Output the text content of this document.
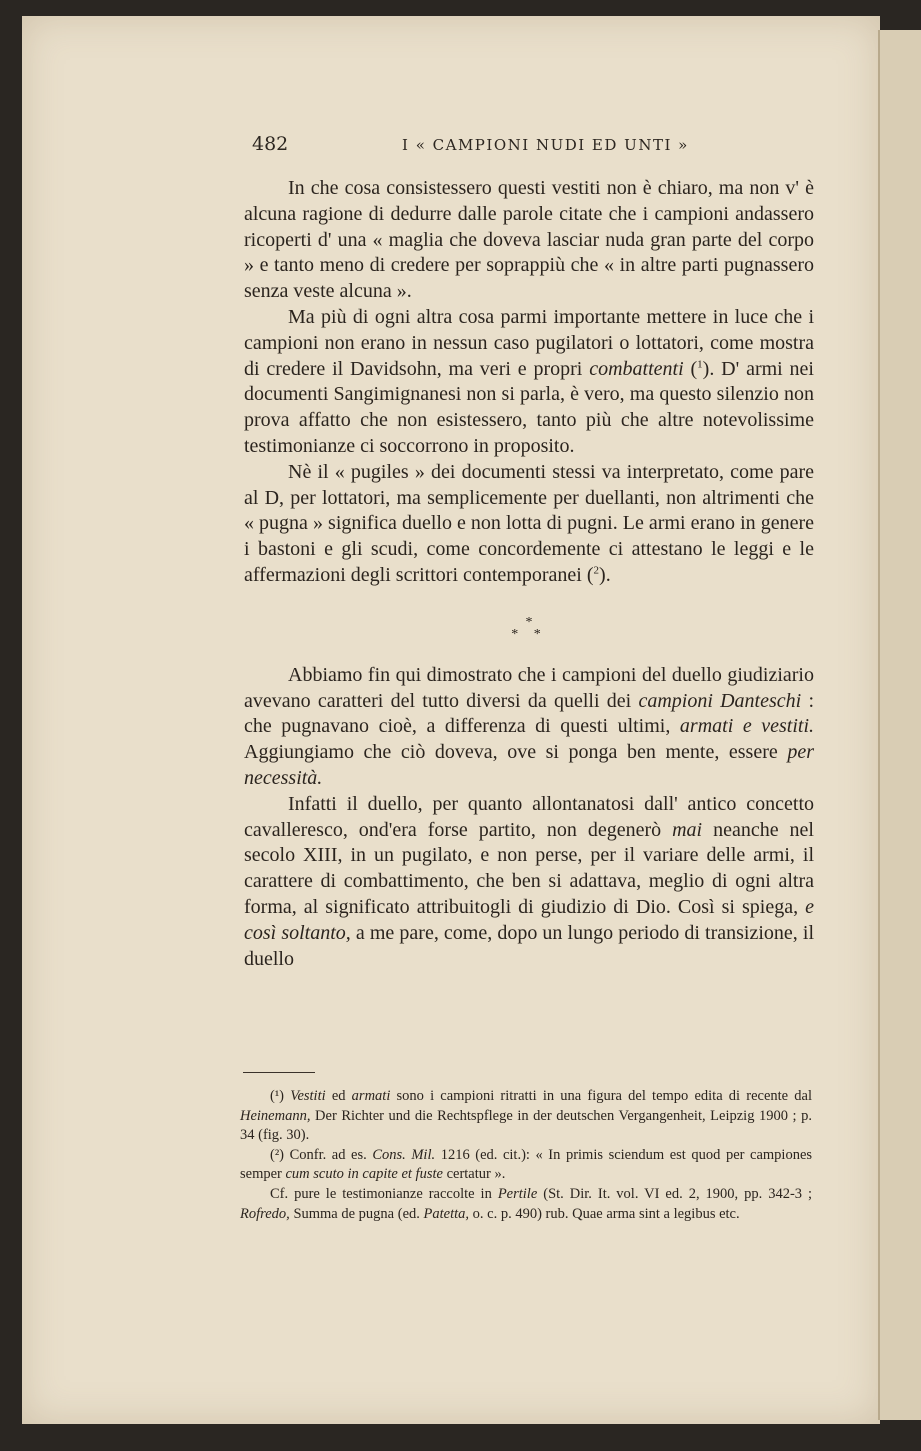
482	I « CAMPIONI NUDI ED UNTI »

In che cosa consistessero questi vestiti non è chiaro, ma non v' è alcuna ragione di dedurre dalle parole citate che i campioni andassero ricoperti d' una « maglia che doveva lasciar nuda gran parte del corpo » e tanto meno di credere per soprappiù che « in altre parti pugnassero senza veste alcuna ».

Ma più di ogni altra cosa parmi importante mettere in luce che i campioni non erano in nessun caso pugilatori o lottatori, come mostra di credere il Davidsohn, ma veri e propri combattenti ($^1$). D' armi nei documenti Sangimignanesi non si parla, è vero, ma questo silenzio non prova affatto che non esistessero, tanto più che altre notevolissime testimonianze ci soccorrono in proposito.

Nè il « pugiles » dei documenti stessi va interpretato, come pare al D, per lottatori, ma semplicemente per duellanti, non altrimenti che « pugna » significa duello e non lotta di pugni. Le armi erano in genere i bastoni e gli scudi, come concordemente ci attestano le leggi e le affermazioni degli scrittori contemporanei ($^2$).

*
* *

Abbiamo fin qui dimostrato che i campioni del duello giudiziario avevano caratteri del tutto diversi da quelli dei campioni Danteschi : che pugnavano cioè, a differenza di questi ultimi, armati e vestiti. Aggiungiamo che ciò doveva, ove si ponga ben mente, essere per necessità.

Infatti il duello, per quanto allontanatosi dall' antico concetto cavalleresco, ond'era forse partito, non degenerò mai neanche nel secolo XIII, in un pugilato, e non perse, per il variare delle armi, il carattere di combattimento, che ben si adattava, meglio di ogni altra forma, al significato attribuitogli di giudizio di Dio. Così si spiega, e così soltanto, a me pare, come, dopo un lungo periodo di transizione, il duello

(¹) Vestiti ed armati sono i campioni ritratti in una figura del tempo edita di recente dal Heinemann, Der Richter und die Rechtspflege in der deutschen Vergangenheit, Leipzig 1900 ; p. 34 (fig. 30).

(²) Confr. ad es. Cons. Mil. 1216 (ed. cit.): « In primis sciendum est quod per campiones semper cum scuto in capite et fuste certatur ».

Cf. pure le testimonianze raccolte in Pertile (St. Dir. It. vol. VI ed. 2, 1900, pp. 342-3 ; Rofredo, Summa de pugna (ed. Patetta, o. c. p. 490) rub. Quae arma sint a legibus etc.
